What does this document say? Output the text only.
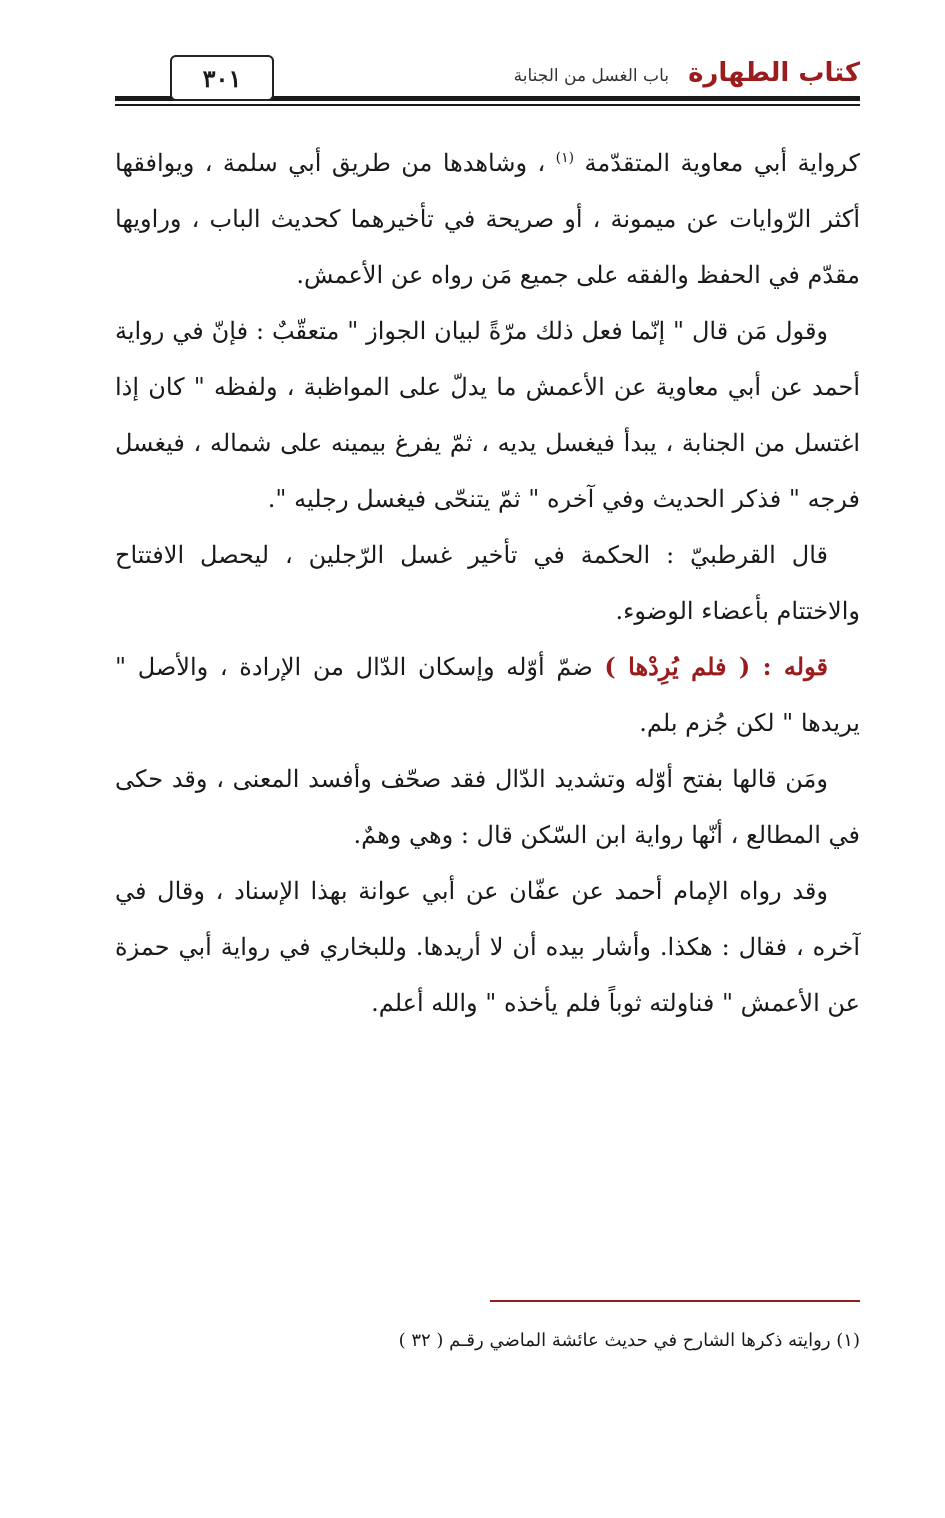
٣٠١	كتاب الطهارة باب الغسل من الجنابة

كرواية أبي معاوية المتقدّمة $^{(١)}$ ، وشاهدها من طريق أبي سلمة ، ويوافقها أكثر الرّوايات عن ميمونة ، أو صريحة في تأخيرهما كحديث الباب ، وراويها مقدّم في الحفظ والفقه على جميع مَن رواه عن الأعمش.

وقول مَن قال " إنّما فعل ذلك مرّةً لبيان الجواز " متعقّبٌ : فإنّ في رواية أحمد عن أبي معاوية عن الأعمش ما يدلّ على المواظبة ، ولفظه " كان إذا اغتسل من الجنابة ، يبدأ فيغسل يديه ، ثمّ يفرغ بيمينه على شماله ، فيغسل فرجه " فذكر الحديث وفي آخره " ثمّ يتنحّى فيغسل رجليه ".

قال القرطبيّ : الحكمة في تأخير غسل الرّجلين ، ليحصل الافتتاح والاختتام بأعضاء الوضوء.

قوله : ( فلم يُرِدْها ) ضمّ أوّله وإسكان الدّال من الإرادة ، والأصل " يريدها " لكن جُزم بلم.

ومَن قالها بفتح أوّله وتشديد الدّال فقد صحّف وأفسد المعنى ، وقد حكى في المطالع ، أنّها رواية ابن السّكن قال : وهي وهمٌ.

وقد رواه الإمام أحمد عن عفّان عن أبي عوانة بهذا الإسناد ، وقال في آخره ، فقال : هكذا. وأشار بيده أن لا أريدها. وللبخاري في رواية أبي حمزة عن الأعمش " فناولته ثوباً فلم يأخذه " والله أعلم.

(١) روايته ذكرها الشارح في حديث عائشة الماضي رقـم ( ٣٢ )
